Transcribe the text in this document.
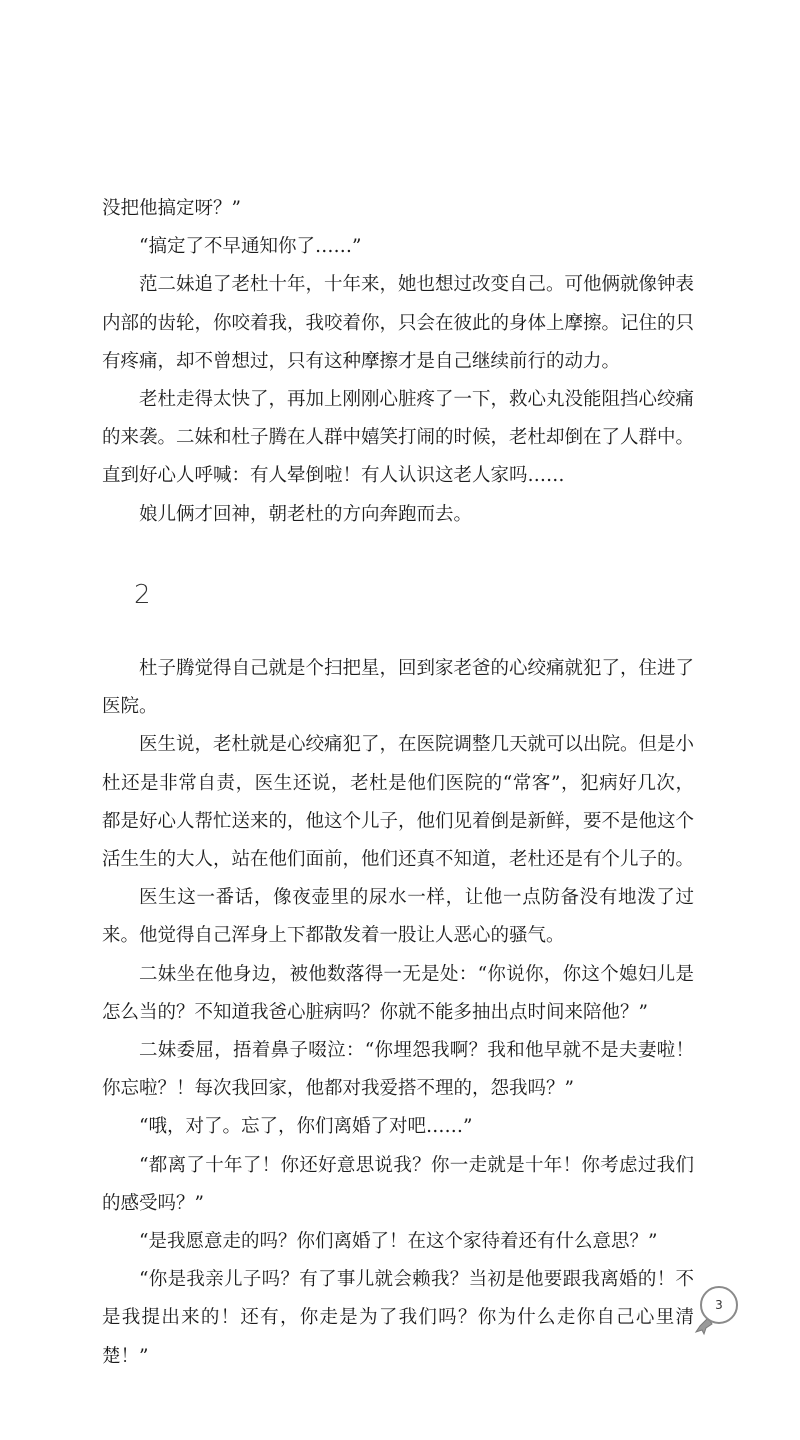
没把他搞定呀？”

“搞定了不早通知你了……”

范二妹追了老杜十年，十年来，她也想过改变自己。可他俩就像钟表内部的齿轮，你咬着我，我咬着你，只会在彼此的身体上摩擦。记住的只有疼痛，却不曾想过，只有这种摩擦才是自己继续前行的动力。

老杜走得太快了，再加上刚刚心脏疼了一下，救心丸没能阻挡心绞痛的来袭。二妹和杜子腾在人群中嬉笑打闹的时候，老杜却倒在了人群中。直到好心人呼喊：有人晕倒啦！有人认识这老人家吗……

娘儿俩才回神，朝老杜的方向奔跑而去。

2

杜子腾觉得自己就是个扫把星，回到家老爸的心绞痛就犯了，住进了医院。

医生说，老杜就是心绞痛犯了，在医院调整几天就可以出院。但是小杜还是非常自责，医生还说，老杜是他们医院的“常客”，犯病好几次，都是好心人帮忙送来的，他这个儿子，他们见着倒是新鲜，要不是他这个活生生的大人，站在他们面前，他们还真不知道，老杜还是有个儿子的。

医生这一番话，像夜壶里的尿水一样，让他一点防备没有地泼了过来。他觉得自己浑身上下都散发着一股让人恶心的骚气。

二妹坐在他身边，被他数落得一无是处：“你说你，你这个媳妇儿是怎么当的？不知道我爸心脏病吗？你就不能多抽出点时间来陪他？”

二妹委屈，捂着鼻子啜泣：“你埋怨我啊？我和他早就不是夫妻啦！你忘啦？！每次我回家，他都对我爱搭不理的，怨我吗？”

“哦，对了。忘了，你们离婚了对吧……”

“都离了十年了！你还好意思说我？你一走就是十年！你考虑过我们的感受吗？”

“是我愿意走的吗？你们离婚了！在这个家待着还有什么意思？”

“你是我亲儿子吗？有了事儿就会赖我？当初是他要跟我离婚的！不是我提出来的！还有，你走是为了我们吗？你为什么走你自己心里清楚！”

3
